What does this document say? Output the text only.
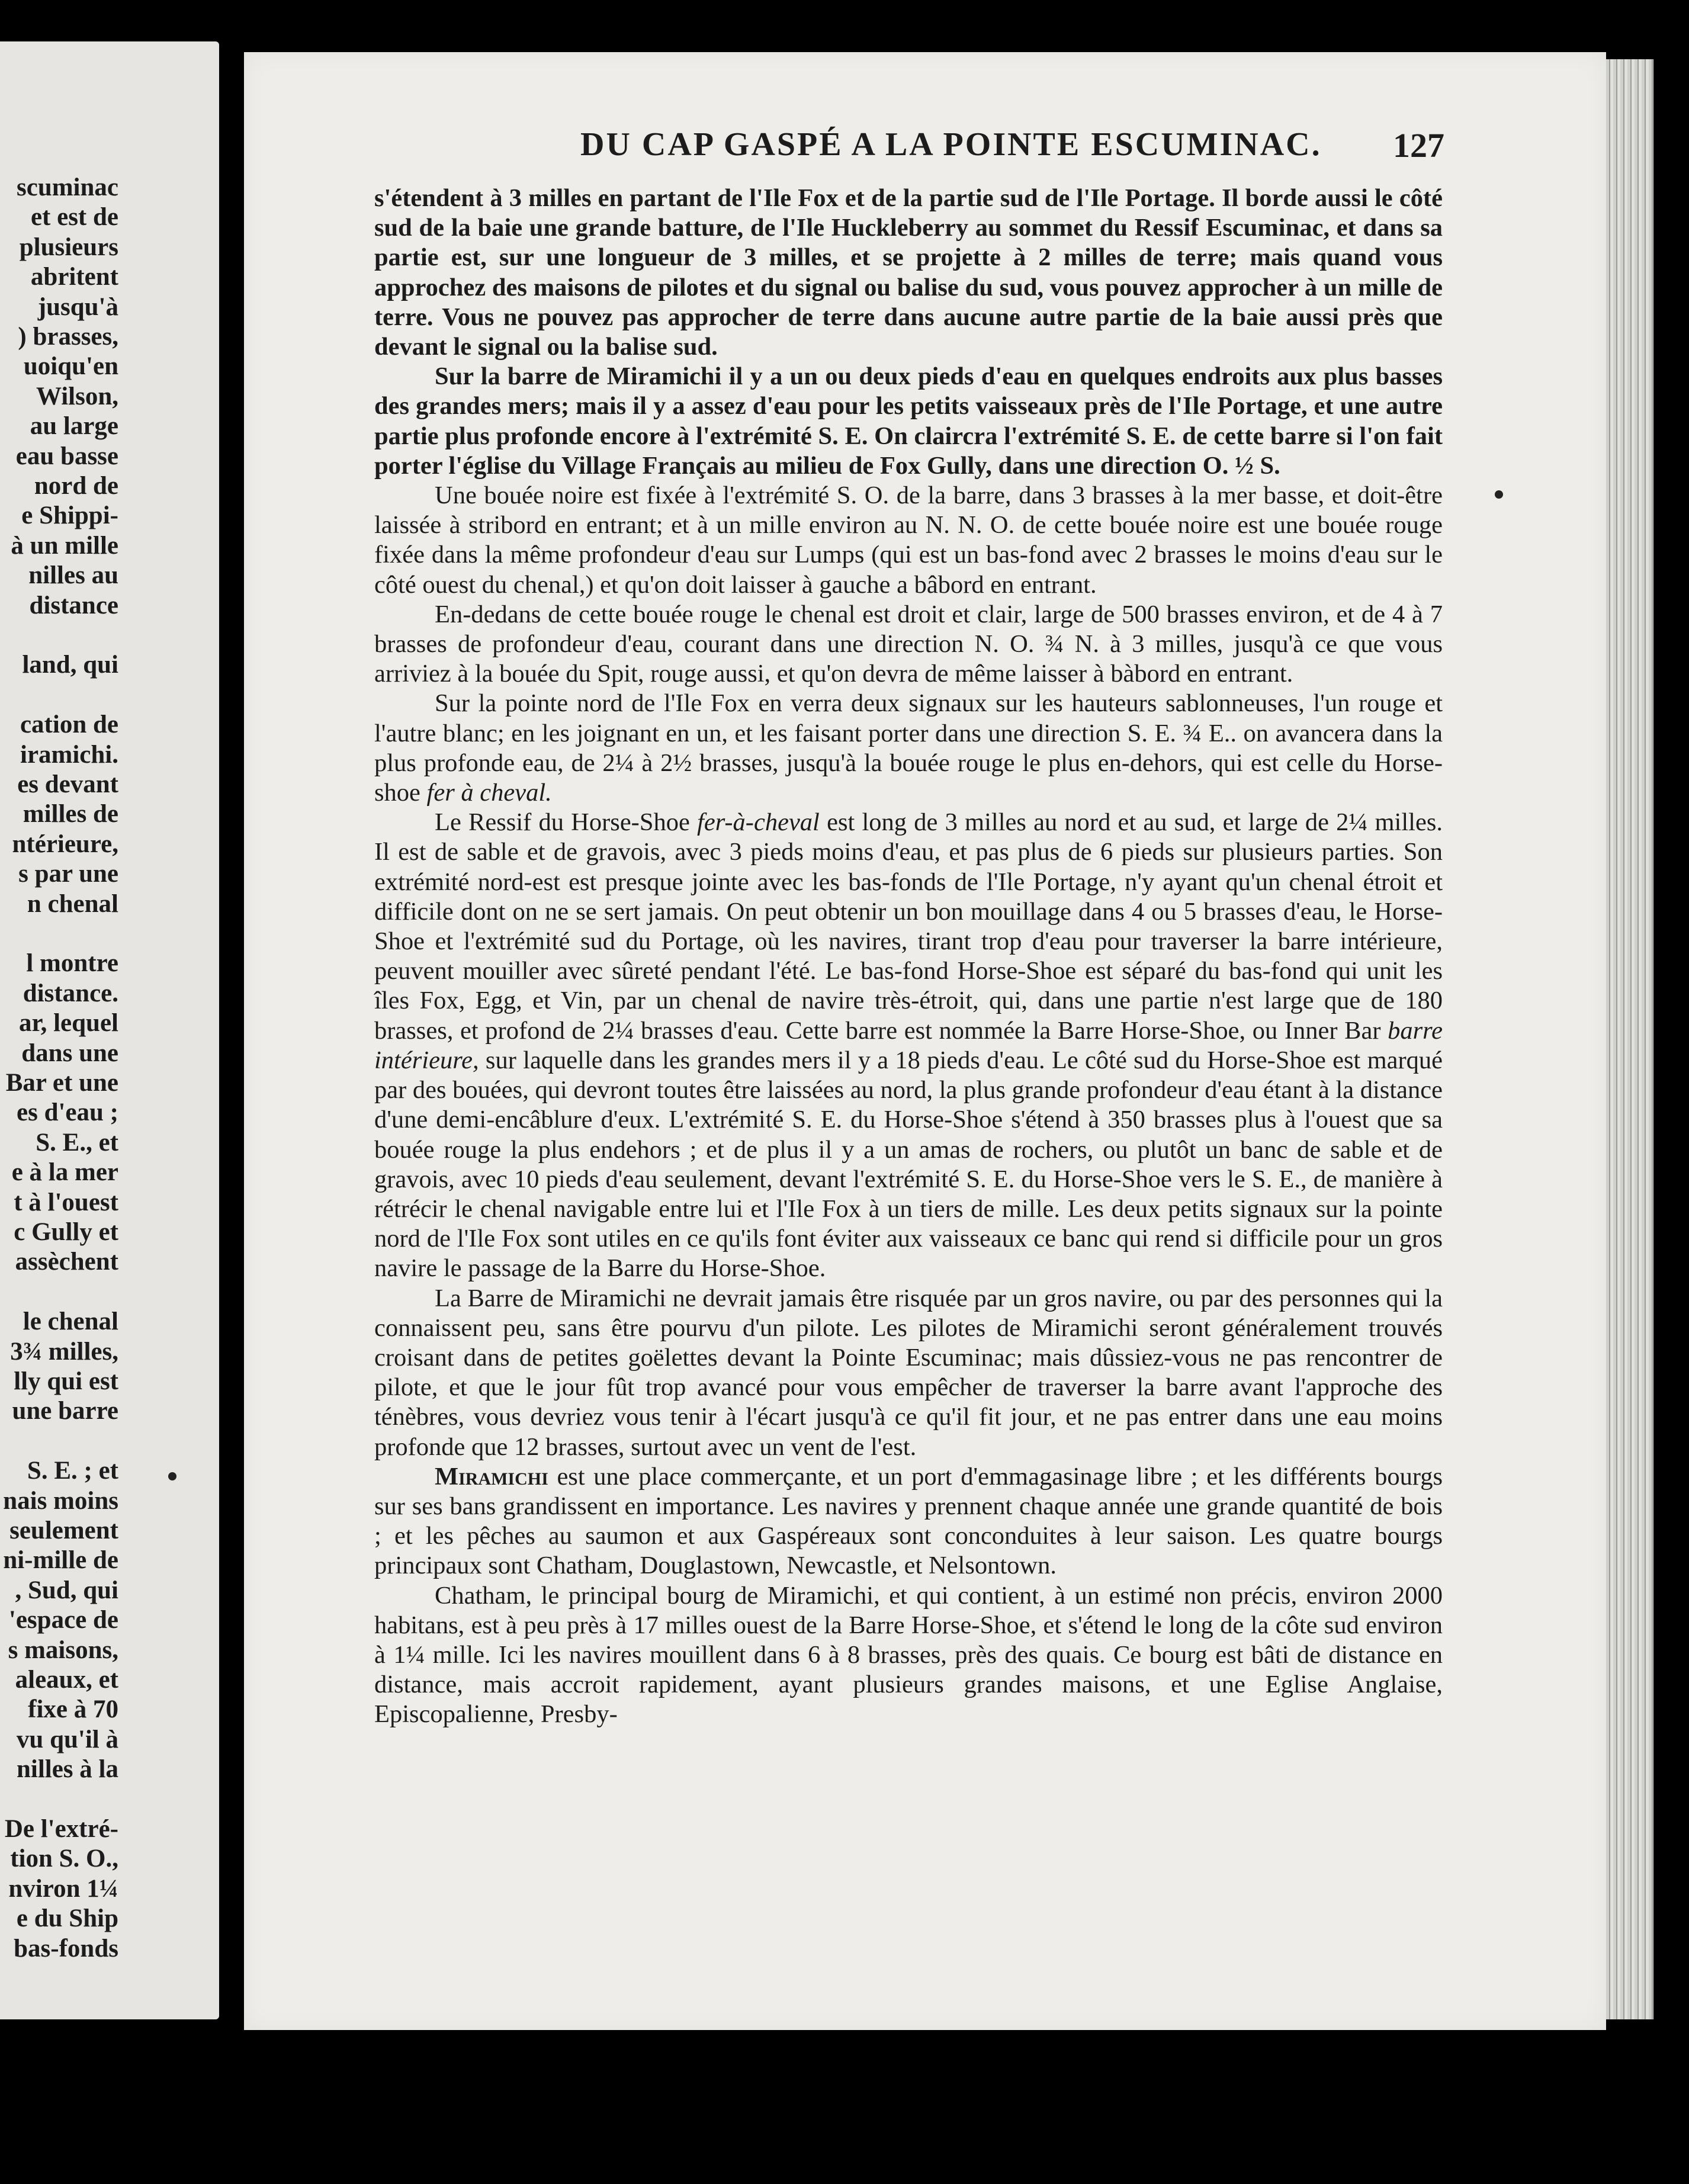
scuminac
et est de
plusieurs
abritent
jusqu'à
) brasses,
uoiqu'en
Wilson,
au large
eau basse
nord de
e Shippi-
à un mille
nilles au
distance
land, qui
cation de
iramichi.
es devant
milles de
ntérieure,
s par une
n chenal
l montre
distance.
ar, lequel
dans une
Bar et une
es d'eau ;
S. E., et
e à la mer
t à l'ouest
c Gully et
assèchent
le chenal
3¾ milles,
lly qui est
une barre
S. E. ; et
nais moins
seulement
ni-mille de
, Sud, qui
'espace de
s maisons,
aleaux, et
fixe à 70
vu qu'il à
nilles à la
De l'extré-
tion S. O.,
nviron 1¼
e du Ship
bas-fonds
DU CAP GASPÉ A LA POINTE ESCUMINAC. 127

s'étendent à 3 milles en partant de l'Ile Fox et de la partie sud de l'Ile Portage. Il borde aussi le côté sud de la baie une grande batture, de l'Ile Huckleberry au sommet du Ressif Escuminac, et dans sa partie est, sur une longueur de 3 milles, et se projette à 2 milles de terre; mais quand vous approchez des maisons de pilotes et du signal ou balise du sud, vous pouvez approcher à un mille de terre. Vous ne pouvez pas approcher de terre dans aucune autre partie de la baie aussi près que devant le signal ou la balise sud.

Sur la barre de Miramichi il y a un ou deux pieds d'eau en quelques endroits aux plus basses des grandes mers; mais il y a assez d'eau pour les petits vaisseaux près de l'Ile Portage, et une autre partie plus profonde encore à l'extrémité S. E. On claircra l'extrémité S. E. de cette barre si l'on fait porter l'église du Village Français au milieu de Fox Gully, dans une direction O. ½ S.

Une bouée noire est fixée à l'extrémité S. O. de la barre, dans 3 brasses à la mer basse, et doit-être laissée à stribord en entrant; et à un mille environ au N. N. O. de cette bouée noire est une bouée rouge fixée dans la même profondeur d'eau sur Lumps (qui est un bas-fond avec 2 brasses le moins d'eau sur le côté ouest du chenal,) et qu'on doit laisser à gauche a bâbord en entrant.

En-dedans de cette bouée rouge le chenal est droit et clair, large de 500 brasses environ, et de 4 à 7 brasses de profondeur d'eau, courant dans une direction N. O. ¾ N. à 3 milles, jusqu'à ce que vous arriviez à la bouée du Spit, rouge aussi, et qu'on devra de même laisser à bàbord en entrant.

Sur la pointe nord de l'Ile Fox en verra deux signaux sur les hauteurs sablonneuses, l'un rouge et l'autre blanc; en les joignant en un, et les faisant porter dans une direction S. E. ¾ E.. on avancera dans la plus profonde eau, de 2¼ à 2½ brasses, jusqu'à la bouée rouge le plus en-dehors, qui est celle du Horse-shoe fer à cheval.

Le Ressif du Horse-Shoe fer-à-cheval est long de 3 milles au nord et au sud, et large de 2¼ milles. Il est de sable et de gravois, avec 3 pieds moins d'eau, et pas plus de 6 pieds sur plusieurs parties. Son extrémité nord-est est presque jointe avec les bas-fonds de l'Ile Portage, n'y ayant qu'un chenal étroit et difficile dont on ne se sert jamais. On peut obtenir un bon mouillage dans 4 ou 5 brasses d'eau, le Horse-Shoe et l'extrémité sud du Portage, où les navires, tirant trop d'eau pour traverser la barre intérieure, peuvent mouiller avec sûreté pendant l'été. Le bas-fond Horse-Shoe est séparé du bas-fond qui unit les îles Fox, Egg, et Vin, par un chenal de navire très-étroit, qui, dans une partie n'est large que de 180 brasses, et profond de 2¼ brasses d'eau. Cette barre est nommée la Barre Horse-Shoe, ou Inner Bar barre intérieure, sur laquelle dans les grandes mers il y a 18 pieds d'eau. Le côté sud du Horse-Shoe est marqué par des bouées, qui devront toutes être laissées au nord, la plus grande profondeur d'eau étant à la distance d'une demi-encâblure d'eux. L'extrémité S. E. du Horse-Shoe s'étend à 350 brasses plus à l'ouest que sa bouée rouge la plus endehors ; et de plus il y a un amas de rochers, ou plutôt un banc de sable et de gravois, avec 10 pieds d'eau seulement, devant l'extrémité S. E. du Horse-Shoe vers le S. E., de manière à rétrécir le chenal navigable entre lui et l'Ile Fox à un tiers de mille. Les deux petits signaux sur la pointe nord de l'Ile Fox sont utiles en ce qu'ils font éviter aux vaisseaux ce banc qui rend si difficile pour un gros navire le passage de la Barre du Horse-Shoe.

La Barre de Miramichi ne devrait jamais être risquée par un gros navire, ou par des personnes qui la connaissent peu, sans être pourvu d'un pilote. Les pilotes de Miramichi seront généralement trouvés croisant dans de petites goëlettes devant la Pointe Escuminac; mais dûssiez-vous ne pas rencontrer de pilote, et que le jour fût trop avancé pour vous empêcher de traverser la barre avant l'approche des ténèbres, vous devriez vous tenir à l'écart jusqu'à ce qu'il fit jour, et ne pas entrer dans une eau moins profonde que 12 brasses, surtout avec un vent de l'est.

Miramichi est une place commerçante, et un port d'emmagasinage libre ; et les différents bourgs sur ses bans grandissent en importance. Les navires y prennent chaque année une grande quantité de bois ; et les pêches au saumon et aux Gaspéreaux sont conconduites à leur saison. Les quatre bourgs principaux sont Chatham, Douglastown, Newcastle, et Nelsontown.

Chatham, le principal bourg de Miramichi, et qui contient, à un estimé non précis, environ 2000 habitans, est à peu près à 17 milles ouest de la Barre Horse-Shoe, et s'étend le long de la côte sud environ à 1¼ mille. Ici les navires mouillent dans 6 à 8 brasses, près des quais. Ce bourg est bâti de distance en distance, mais accroit rapidement, ayant plusieurs grandes maisons, et une Eglise Anglaise, Episcopalienne, Presby-
